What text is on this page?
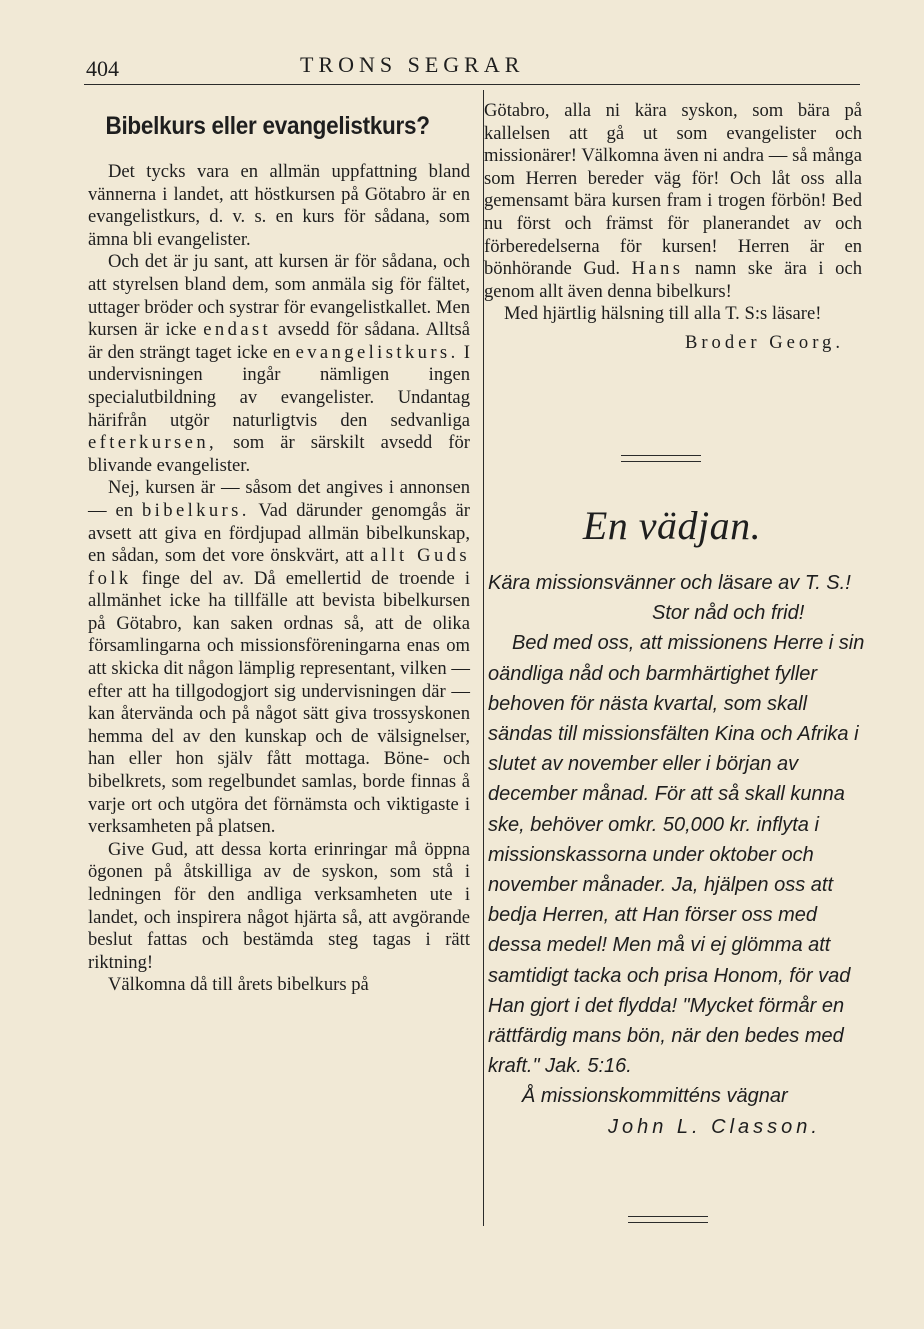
404	TRONS SEGRAR
Bibelkurs eller evangelistkurs?

Det tycks vara en allmän uppfattning bland vännerna i landet, att höstkursen på Götabro är en evangelistkurs, d. v. s. en kurs för sådana, som ämna bli evangelister.

Och det är ju sant, att kursen är för sådana, och att styrelsen bland dem, som anmäla sig för fältet, uttager bröder och systrar för evangelistkallet. Men kursen är icke endast avsedd för sådana. Alltså är den strängt taget icke en evangelistkurs. I undervisningen ingår nämligen ingen specialutbildning av evangelister. Undantag härifrån utgör naturligtvis den sedvanliga efterkursen, som är särskilt avsedd för blivande evangelister.

Nej, kursen är — såsom det angives i annonsen — en bibelkurs. Vad därunder genomgås är avsett att giva en fördjupad allmän bibelkunskap, en sådan, som det vore önskvärt, att allt Guds folk finge del av. Då emellertid de troende i allmänhet icke ha tillfälle att bevista bibelkursen på Götabro, kan saken ordnas så, att de olika församlingarna och missionsföreningarna enas om att skicka dit någon lämplig representant, vilken — efter att ha tillgodogjort sig undervisningen där — kan återvända och på något sätt giva trossyskonen hemma del av den kunskap och de välsignelser, han eller hon själv fått mottaga. Böne- och bibelkrets, som regelbundet samlas, borde finnas å varje ort och utgöra det förnämsta och viktigaste i verksamheten på platsen.

Give Gud, att dessa korta erinringar må öppna ögonen på åtskilliga av de syskon, som stå i ledningen för den andliga verksamheten ute i landet, och inspirera något hjärta så, att avgörande beslut fattas och bestämda steg tagas i rätt riktning!

Välkomna då till årets bibelkurs på

Götabro, alla ni kära syskon, som bära på kallelsen att gå ut som evangelister och missionärer! Välkomna även ni andra — så många som Herren bereder väg för! Och låt oss alla gemensamt bära kursen fram i trogen förbön! Bed nu först och främst för planerandet av och förberedelserna för kursen! Herren är en bönhörande Gud. Hans namn ske ära i och genom allt även denna bibelkurs!

Med hjärtlig hälsning till alla T. S:s läsare!

Broder Georg.
En vädjan.

Kära missionsvänner och läsare av T. S.!

Stor nåd och frid!

Bed med oss, att missionens Herre i sin oändliga nåd och barmhärtighet fyller behoven för nästa kvartal, som skall sändas till missionsfälten Kina och Afrika i slutet av november eller i början av december månad. För att så skall kunna ske, behöver omkr. 50,000 kr. inflyta i missionskassorna under oktober och november månader. Ja, hjälpen oss att bedja Herren, att Han förser oss med dessa medel! Men må vi ej glömma att samtidigt tacka och prisa Honom, för vad Han gjort i det flydda! "Mycket förmår en rättfärdig mans bön, när den bedes med kraft." Jak. 5:16.

Å missionskommitténs vägnar

John L. Classon.
